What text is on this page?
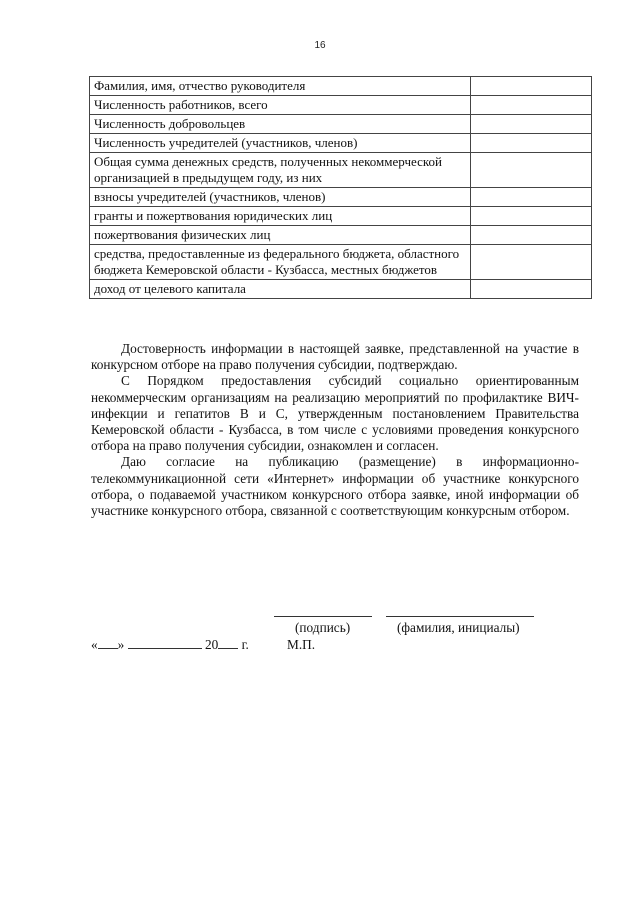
16
Фамилия, имя, отчество руководителя	
Численность работников, всего	
Численность добровольцев	
Численность учредителей (участников, членов)	
Общая сумма денежных средств, полученных некоммерческой организацией в предыдущем году, из них	
взносы учредителей (участников, членов)	
гранты и пожертвования юридических лиц	
пожертвования физических лиц	
средства, предоставленные из федерального бюджета, областного бюджета Кемеровской области - Кузбасса, местных бюджетов	
доход от целевого капитала	

Достоверность информации в настоящей заявке, представленной на участие в конкурсном отборе на право получения субсидии, подтверждаю.

С Порядком предоставления субсидий социально ориентированным некоммерческим организациям на реализацию мероприятий по профилактике ВИЧ-инфекции и гепатитов В и С, утвержденным постановлением Правительства Кемеровской области - Кузбасса, в том числе с условиями проведения конкурсного отбора на право получения субсидии, ознакомлен и согласен.

Даю согласие на публикацию (размещение) в информационно-телекоммуникационной сети «Интернет» информации об участнике конкурсного отбора, о подаваемой участником конкурсного отбора заявке, иной информации об участнике конкурсного отбора, связанной с соответствующим конкурсным отбором.

(подпись)	(фамилия, инициалы)
« »	20 г.	М.П.
